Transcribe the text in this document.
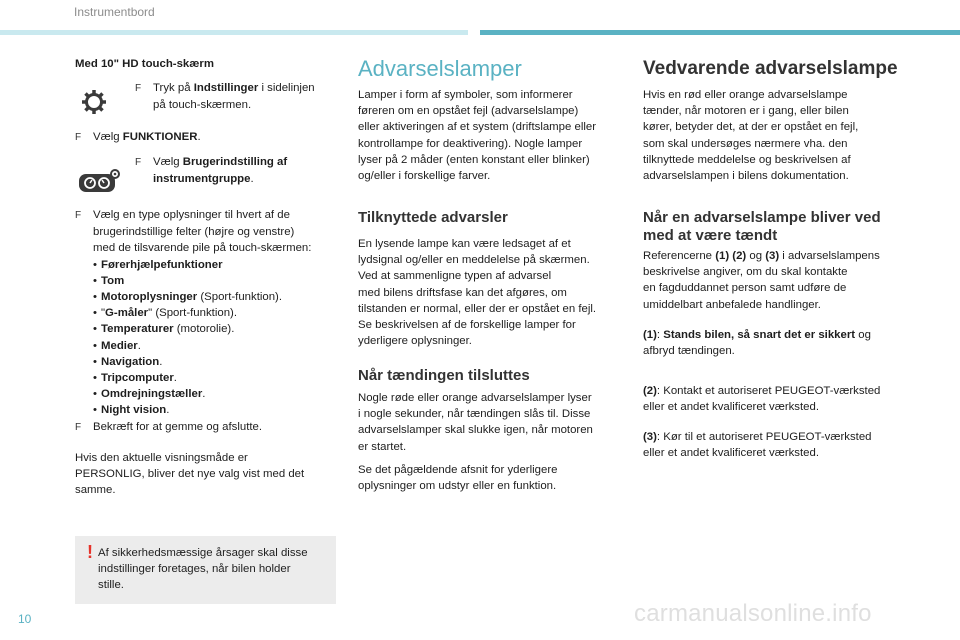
Instrumentbord
10	carmanualsonline.info
Med 10" HD touch-skærm

F Tryk på Indstillinger i sidelinjen

på touch-skærmen.

F Vælg FUNKTIONER.

F Vælg Brugerindstilling af

instrumentgruppe.

F Vælg en type oplysninger til hvert af de

brugerindstillige felter (højre og venstre)

med de tilsvarende pile på touch-skærmen:

• Førerhjælpefunktioner
• Tom
• Motoroplysninger (Sport-funktion).
• "G-måler" (Sport-funktion).
• Temperaturer (motorolie).
• Medier.
• Navigation.
• Tripcomputer.
• Omdrejningstæller.
• Night vision.

F Bekræft for at gemme og afslutte.

Hvis den aktuelle visningsmåde er

PERSONLIG, bliver det nye valg vist med det

samme.

! Af sikkerhedsmæssige årsager skal disse

indstillinger foretages, når bilen holder

stille.

Advarselslamper

Lamper i form af symboler, som informerer

føreren om en opstået fejl (advarselslampe)

eller aktiveringen af et system (driftslampe eller

kontrollampe for deaktivering). Nogle lamper

lyser på 2 måder (enten konstant eller blinker)

og/eller i forskellige farver.

Tilknyttede advarsler

En lysende lampe kan være ledsaget af et

lydsignal og/eller en meddelelse på skærmen.

Ved at sammenligne typen af advarsel

med bilens driftsfase kan det afgøres, om

tilstanden er normal, eller der er opstået en fejl.

Se beskrivelsen af de forskellige lamper for

yderligere oplysninger.

Når tændingen tilsluttes

Nogle røde eller orange advarselslamper lyser

i nogle sekunder, når tændingen slås til. Disse

advarselslamper skal slukke igen, når motoren

er startet.

Se det pågældende afsnit for yderligere

oplysninger om udstyr eller en funktion.

Vedvarende advarselslampe

Hvis en rød eller orange advarselslampe

tænder, når motoren er i gang, eller bilen

kører, betyder det, at der er opstået en fejl,

som skal undersøges nærmere vha. den

tilknyttede meddelelse og beskrivelsen af

advarselslampen i bilens dokumentation.

Når en advarselslampe bliver ved

med at være tændt

Referencerne (1) (2) og (3) i advarselslampens

beskrivelse angiver, om du skal kontakte

en fagduddannet person samt udføre de

umiddelbart anbefalede handlinger.

(1): Stands bilen, så snart det er sikkert og

afbryd tændingen.

(2): Kontakt et autoriseret PEUGEOT-værksted

eller et andet kvalificeret værksted.

(3): Kør til et autoriseret PEUGEOT-værksted

eller et andet kvalificeret værksted.
